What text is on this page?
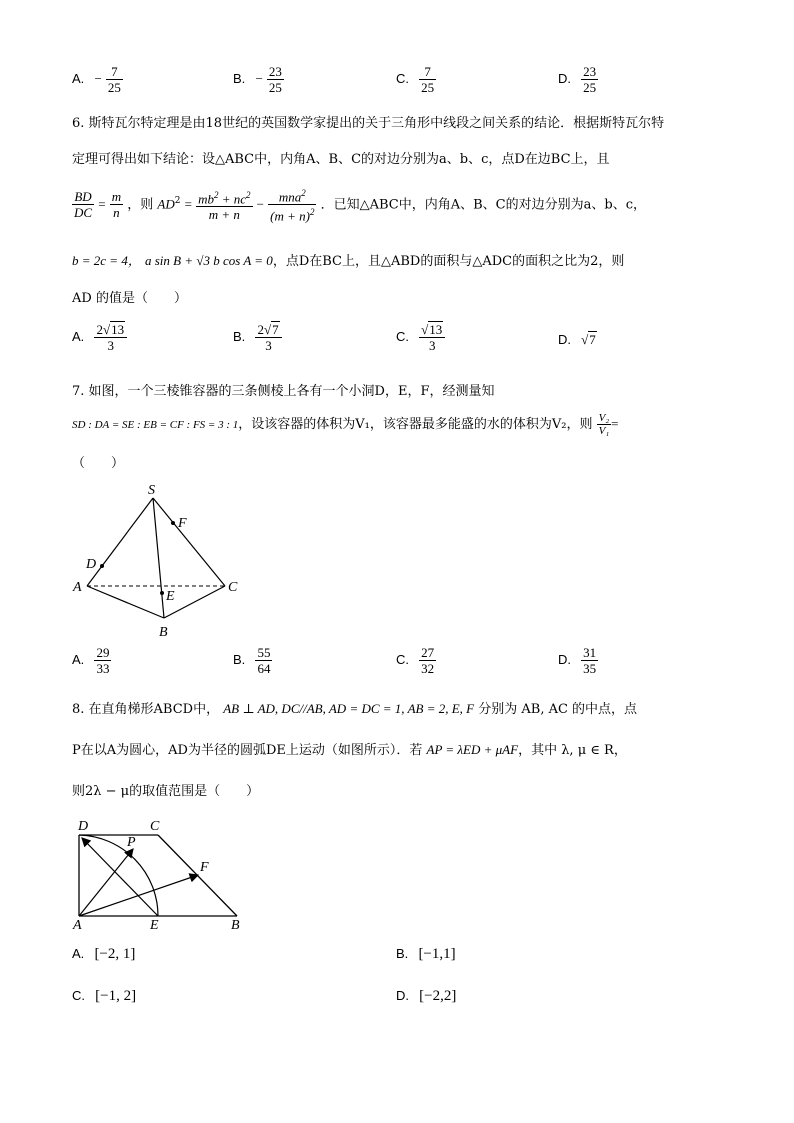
A. − $\frac{7}{25}$	B. − $\frac{23}{25}$	C. $\frac{7}{25}$	D. $\frac{23}{25}$
6. 斯特瓦尔特定理是由18世纪的英国数学家提出的关于三角形中线段之间关系的结论．根据斯特瓦尔特
定理可得出如下结论：设△ABC中，内角A、B、C的对边分别为a、b、c，点D在边BC上，且
$\frac{BD}{DC} = \frac{m}{n}$ ，则 $AD^2 = \frac{mb^2 + nc^2}{m + n} - \frac{mna^2}{(m + n)^2}$ ．已知△ABC中，内角A、B、C的对边分别为a、b、c，
b = 2c = 4， a sin B + √3 b cos A = 0，点D在BC上，且△ABD的面积与△ADC的面积之比为2，则
AD 的值是（　　）
A. $\frac{2√13}{3}$	B. $\frac{2√7}{3}$	C. $\frac{√13}{3}$	D. √7
7. 如图，一个三棱锥容器的三条侧棱上各有一个小洞D，E，F，经测量知
SD : DA = SE : EB = CF : FS = 3 : 1，设该容器的体积为V₁，该容器最多能盛的水的体积为V₂，则 $\frac{\text{V₂}}{\text{V₁}}$ =
（　　）
S
F
D
A	C
E
B
A. $\frac{29}{33}$	B. $\frac{55}{64}$	C. $\frac{27}{32}$	D. $\frac{31}{35}$
8. 在直角梯形ABCD中， AB ⊥ AD, DC//AB, AD = DC = 1, AB = 2, E, F 分别为 AB, AC 的中点，点
P在以A为圆心，AD为半径的圆弧DE上运动（如图所示）．若 AP = λED + μAF，其中 λ, μ ∈ R，
则2λ − μ的取值范围是（　　）
D	C
P
F
A	E	B
A. [−2, 1]	B. [−1,1]
C. [−1, 2]	D. [−2,2]
